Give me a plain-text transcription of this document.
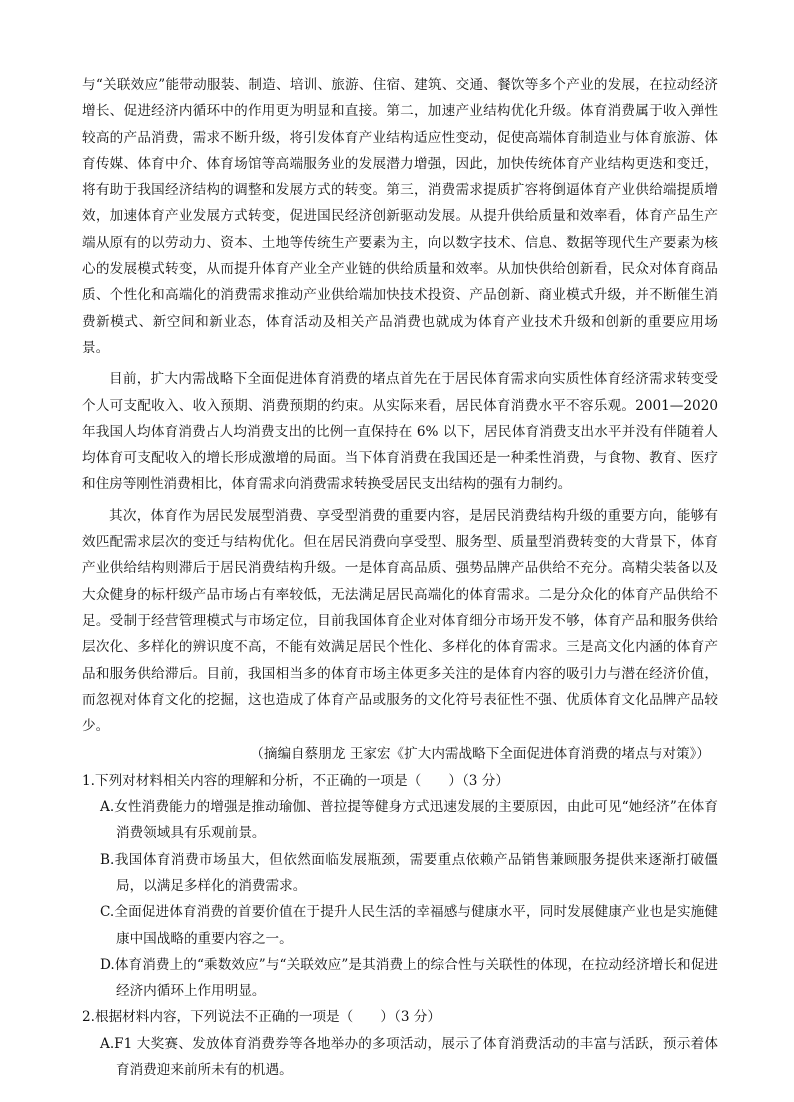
与“关联效应”能带动服装、制造、培训、旅游、住宿、建筑、交通、餐饮等多个产业的发展，在拉动经济增长、促进经济内循环中的作用更为明显和直接。第二，加速产业结构优化升级。体育消费属于收入弹性较高的产品消费，需求不断升级，将引发体育产业结构适应性变动，促使高端体育制造业与体育旅游、体育传媒、体育中介、体育场馆等高端服务业的发展潜力增强，因此，加快传统体育产业结构更迭和变迁，将有助于我国经济结构的调整和发展方式的转变。第三，消费需求提质扩容将倒逼体育产业供给端提质增效，加速体育产业发展方式转变，促进国民经济创新驱动发展。从提升供给质量和效率看，体育产品生产端从原有的以劳动力、资本、土地等传统生产要素为主，向以数字技术、信息、数据等现代生产要素为核心的发展模式转变，从而提升体育产业全产业链的供给质量和效率。从加快供给创新看，民众对体育商品质、个性化和高端化的消费需求推动产业供给端加快技术投资、产品创新、商业模式升级，并不断催生消费新模式、新空间和新业态，体育活动及相关产品消费也就成为体育产业技术升级和创新的重要应用场景。

目前，扩大内需战略下全面促进体育消费的堵点首先在于居民体育需求向实质性体育经济需求转变受个人可支配收入、收入预期、消费预期的约束。从实际来看，居民体育消费水平不容乐观。2001—2020 年我国人均体育消费占人均消费支出的比例一直保持在 6% 以下，居民体育消费支出水平并没有伴随着人均体育可支配收入的增长形成激增的局面。当下体育消费在我国还是一种柔性消费，与食物、教育、医疗和住房等刚性消费相比，体育需求向消费需求转换受居民支出结构的强有力制约。

其次，体育作为居民发展型消费、享受型消费的重要内容，是居民消费结构升级的重要方向，能够有效匹配需求层次的变迁与结构优化。但在居民消费向享受型、服务型、质量型消费转变的大背景下，体育产业供给结构则滞后于居民消费结构升级。一是体育高品质、强势品牌产品供给不充分。高精尖装备以及大众健身的标杆级产品市场占有率较低，无法满足居民高端化的体育需求。二是分众化的体育产品供给不足。受制于经营管理模式与市场定位，目前我国体育企业对体育细分市场开发不够，体育产品和服务供给层次化、多样化的辨识度不高，不能有效满足居民个性化、多样化的体育需求。三是高文化内涵的体育产品和服务供给滞后。目前，我国相当多的体育市场主体更多关注的是体育内容的吸引力与潜在经济价值，而忽视对体育文化的挖掘，这也造成了体育产品或服务的文化符号表征性不强、优质体育文化品牌产品较少。

（摘编自蔡朋龙 王家宏《扩大内需战略下全面促进体育消费的堵点与对策》）

1.下列对材料相关内容的理解和分析，不正确的一项是（　　）（3 分）

A.女性消费能力的增强是推动瑜伽、普拉提等健身方式迅速发展的主要原因，由此可见“她经济”在体育消费领域具有乐观前景。

B.我国体育消费市场虽大，但依然面临发展瓶颈，需要重点依赖产品销售兼顾服务提供来逐渐打破僵局，以满足多样化的消费需求。

C.全面促进体育消费的首要价值在于提升人民生活的幸福感与健康水平，同时发展健康产业也是实施健康中国战略的重要内容之一。

D.体育消费上的“乘数效应”与“关联效应”是其消费上的综合性与关联性的体现，在拉动经济增长和促进经济内循环上作用明显。

2.根据材料内容，下列说法不正确的一项是（　　）（3 分）

A.F1 大奖赛、发放体育消费券等各地举办的多项活动，展示了体育消费活动的丰富与活跃，预示着体育消费迎来前所未有的机遇。
